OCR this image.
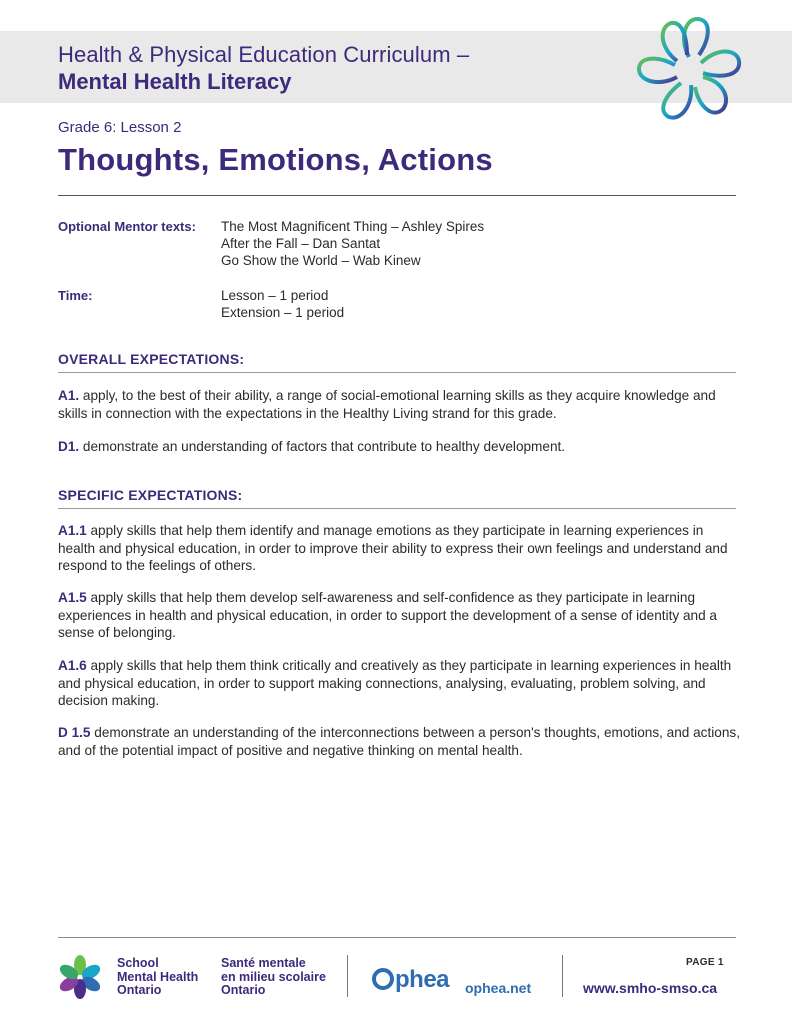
Health & Physical Education Curriculum –
Mental Health Literacy
Grade 6: Lesson 2
Thoughts, Emotions, Actions
Optional Mentor texts: The Most Magnificent Thing – Ashley Spires
After the Fall – Dan Santat
Go Show the World – Wab Kinew
Time:	Lesson – 1 period
Extension – 1 period
OVERALL EXPECTATIONS:
A1. apply, to the best of their ability, a range of social-emotional learning skills as they acquire knowledge and skills in connection with the expectations in the Healthy Living strand for this grade.
D1. demonstrate an understanding of factors that contribute to healthy development.
SPECIFIC EXPECTATIONS:
A1.1 apply skills that help them identify and manage emotions as they participate in learning experiences in health and physical education, in order to improve their ability to express their own feelings and understand and respond to the feelings of others.
A1.5 apply skills that help them develop self-awareness and self-confidence as they participate in learning experiences in health and physical education, in order to support the development of a sense of identity and a sense of belonging.
A1.6 apply skills that help them think critically and creatively as they participate in learning experiences in health and physical education, in order to support making connections, analysing, evaluating, problem solving, and decision making.
D 1.5 demonstrate an understanding of the interconnections between a person's thoughts, emotions, and actions, and of the potential impact of positive and negative thinking on mental health.
School
Mental Health
Ontario
Santé mentale
en milieu scolaire
Ontario	phea ophea.net
PAGE 1
www.smho-smso.ca
